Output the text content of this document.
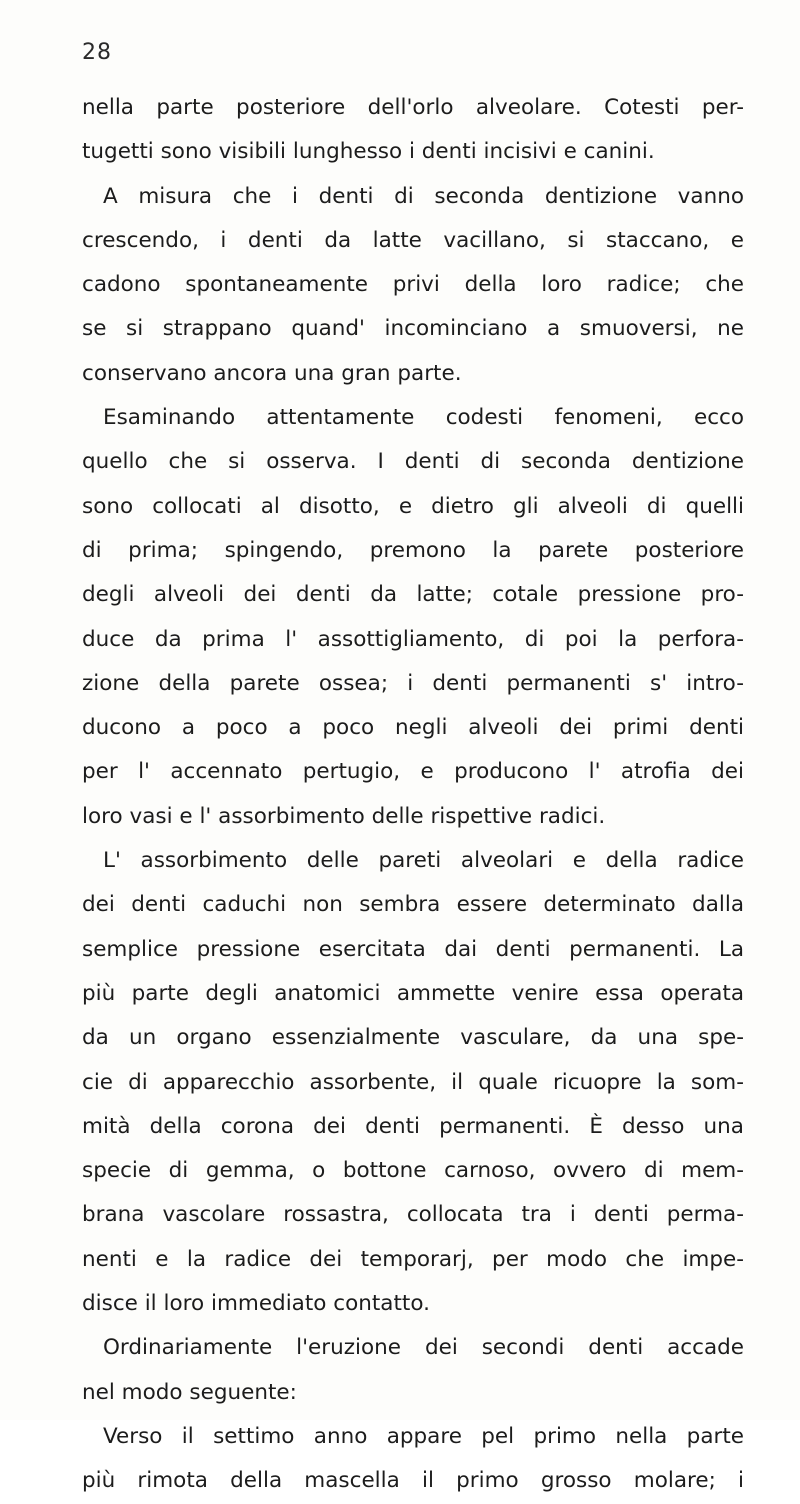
28
nella parte posteriore dell'orlo alveolare. Cotesti per-
tugetti sono visibili lunghesso i denti incisivi e canini.
A misura che i denti di seconda dentizione vanno
crescendo, i denti da latte vacillano, si staccano, e
cadono spontaneamente privi della loro radice; che
se si strappano quand' incominciano a smuoversi, ne
conservano ancora una gran parte.
Esaminando attentamente codesti fenomeni, ecco
quello che si osserva. I denti di seconda dentizione
sono collocati al disotto, e dietro gli alveoli di quelli
di prima; spingendo, premono la parete posteriore
degli alveoli dei denti da latte; cotale pressione pro-
duce da prima l' assottigliamento, di poi la perfora-
zione della parete ossea; i denti permanenti s' intro-
ducono a poco a poco negli alveoli dei primi denti
per l' accennato pertugio, e producono l' atrofia dei
loro vasi e l' assorbimento delle rispettive radici.
L' assorbimento delle pareti alveolari e della radice
dei denti caduchi non sembra essere determinato dalla
semplice pressione esercitata dai denti permanenti. La
più parte degli anatomici ammette venire essa operata
da un organo essenzialmente vasculare, da una spe-
cie di apparecchio assorbente, il quale ricuopre la som-
mità della corona dei denti permanenti. È desso una
specie di gemma, o bottone carnoso, ovvero di mem-
brana vascolare rossastra, collocata tra i denti perma-
nenti e la radice dei temporarj, per modo che impe-
disce il loro immediato contatto.
Ordinariamente l'eruzione dei secondi denti accade
nel modo seguente:
Verso il settimo anno appare pel primo nella parte
più rimota della mascella il primo grosso molare; i
